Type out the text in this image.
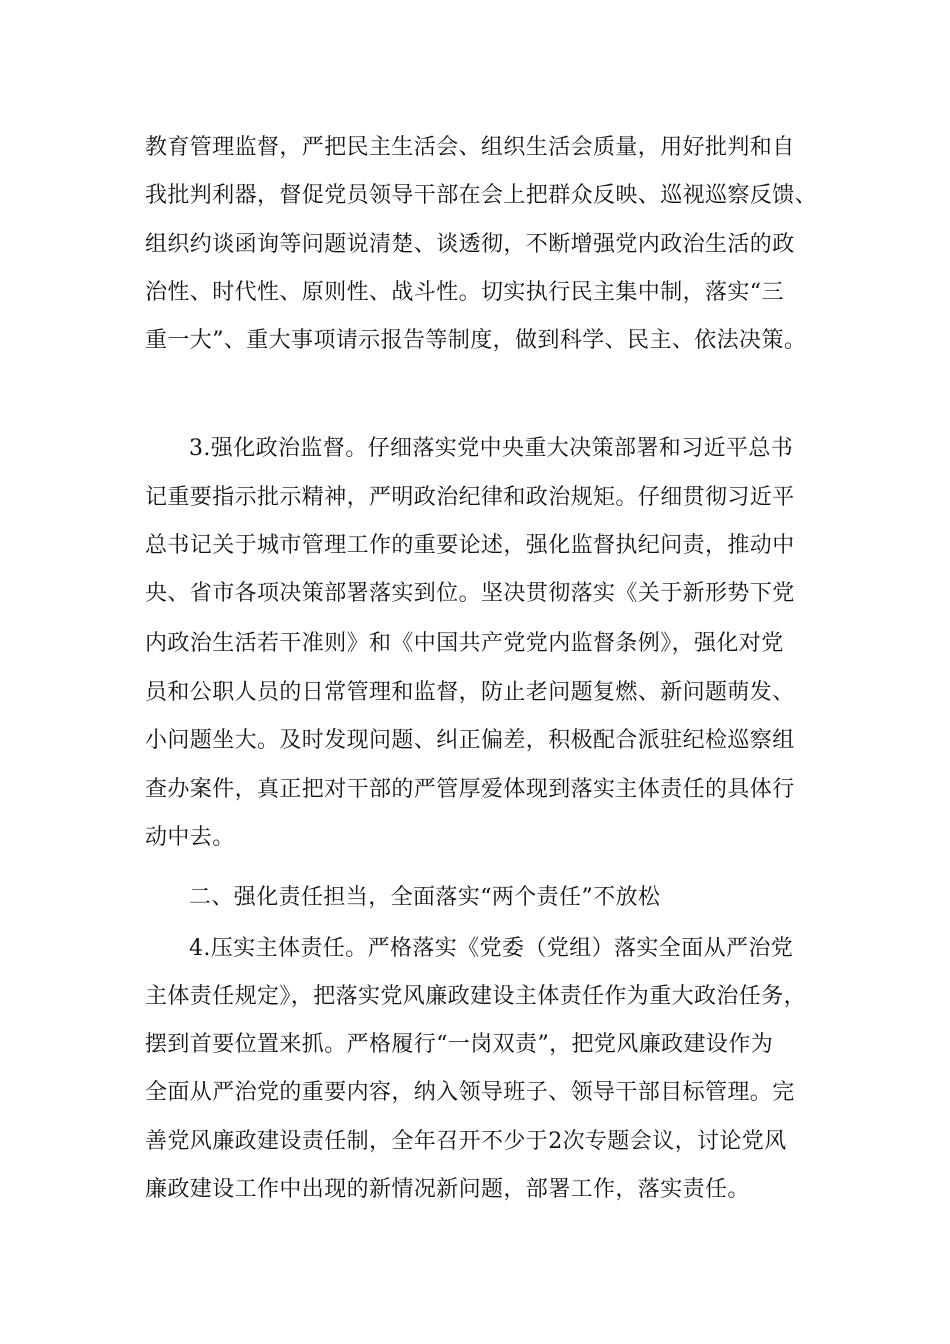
教育管理监督，严把民主生活会、组织生活会质量，用好批判和自
我批判利器，督促党员领导干部在会上把群众反映、巡视巡察反馈、
组织约谈函询等问题说清楚、谈透彻，不断增强党内政治生活的政
治性、时代性、原则性、战斗性。切实执行民主集中制，落实“三
重一大”、重大事项请示报告等制度，做到科学、民主、依法决策。
3.强化政治监督。仔细落实党中央重大决策部署和习近平总书
记重要指示批示精神，严明政治纪律和政治规矩。仔细贯彻习近平
总书记关于城市管理工作的重要论述，强化监督执纪问责，推动中
央、省市各项决策部署落实到位。坚决贯彻落实《关于新形势下党
内政治生活若干准则》和《中国共产党党内监督条例》，强化对党
员和公职人员的日常管理和监督，防止老问题复燃、新问题萌发、
小问题坐大。及时发现问题、纠正偏差，积极配合派驻纪检巡察组
查办案件，真正把对干部的严管厚爱体现到落实主体责任的具体行
动中去。
二、强化责任担当，全面落实“两个责任”不放松
4.压实主体责任。严格落实《党委（党组）落实全面从严治党
主体责任规定》，把落实党风廉政建设主体责任作为重大政治任务，
摆到首要位置来抓。严格履行“一岗双责”，把党风廉政建设作为
全面从严治党的重要内容，纳入领导班子、领导干部目标管理。完
善党风廉政建设责任制，全年召开不少于2次专题会议，讨论党风
廉政建设工作中出现的新情况新问题，部署工作，落实责任。
